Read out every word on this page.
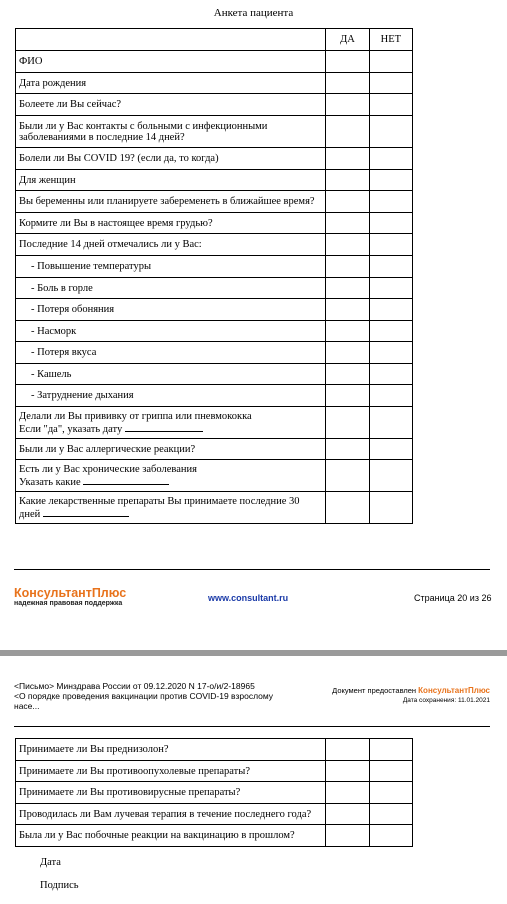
Анкета пациента
	ДА	НЕТ
ФИО		
Дата рождения		
Болеете ли Вы сейчас?		
Были ли у Вас контакты с больными с инфекционными заболеваниями в последние 14 дней?		
Болели ли Вы COVID 19? (если да, то когда)		
Для женщин		
Вы беременны или планируете забеременеть в ближайшее время?		
Кормите ли Вы в настоящее время грудью?		
Последние 14 дней отмечались ли у Вас:		
- Повышение температуры		
- Боль в горле		
- Потеря обоняния		
- Насморк		
- Потеря вкуса		
- Кашель		
- Затруднение дыхания		

Делали ли Вы прививку от гриппа или пневмококка
Если "да", указать дату		

Были ли у Вас аллергические реакции?		

Есть ли у Вас хронические заболевания
Указать какие		

Какие лекарственные препараты Вы принимаете последние 30 дней		
КонсультантПлюс
надежная правовая поддержка
www.consultant.ru	Страница 20 из 26
<Письмо> Минздрава России от 09.12.2020 N 17-о/и/2-18965
<О порядке проведения вакцинации против COVID-19 взрослому насе...
Документ предоставлен КонсультантПлюс
Дата сохранения: 11.01.2021
Принимаете ли Вы преднизолон?		
Принимаете ли Вы противоопухолевые препараты?		
Принимаете ли Вы противовирусные препараты?		
Проводилась ли Вам лучевая терапия в течение последнего года?		
Была ли у Вас побочные реакции на вакцинацию в прошлом?		
Дата
Подпись
